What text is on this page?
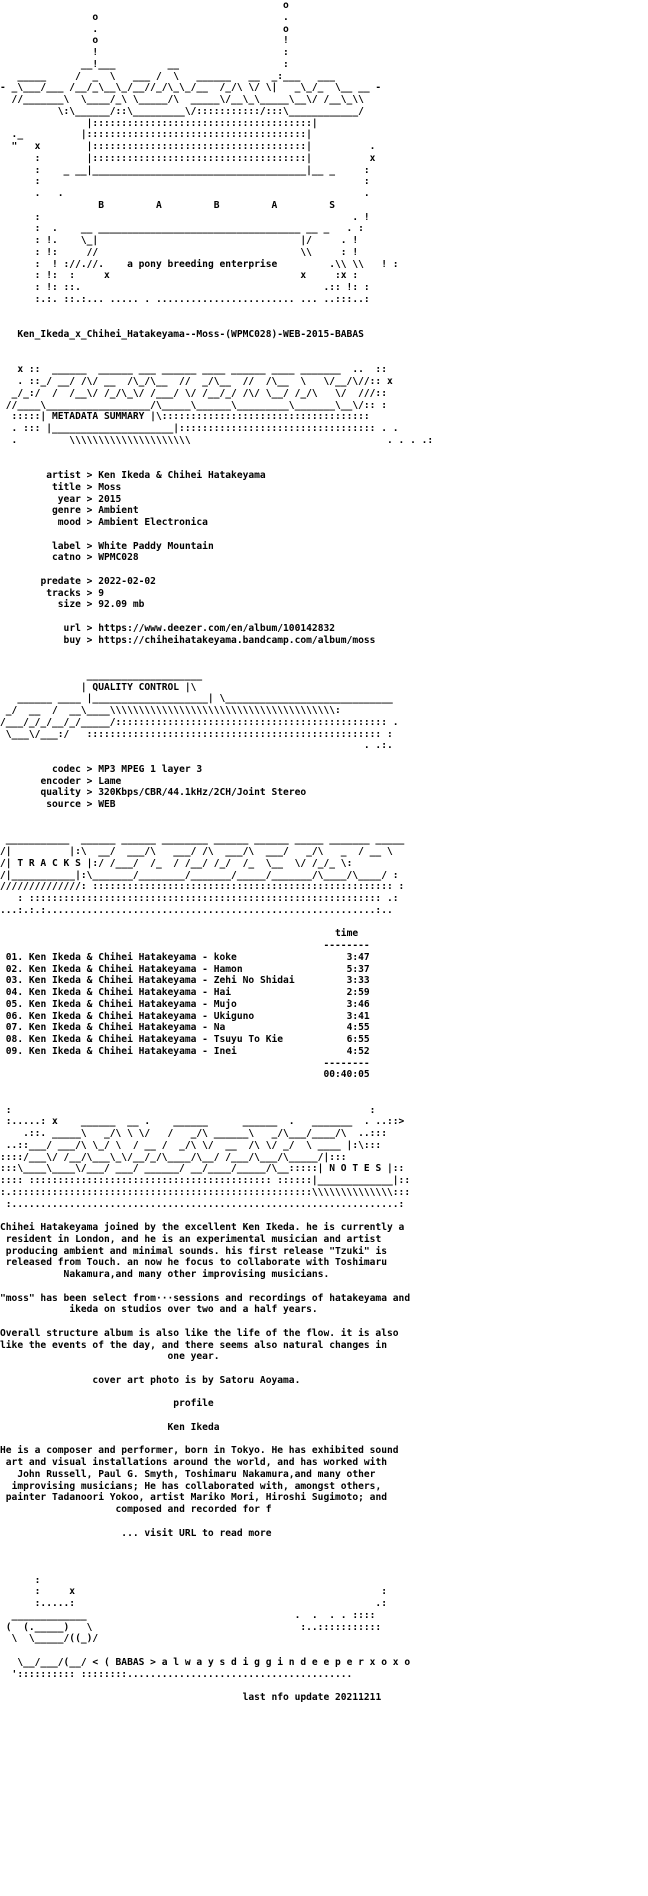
o
o                                .
.                                o
o                                !
!                                :
__!___         __                  :
_____     /  _  \   ___ /  \   ______   __  _:___   ___
- _\___/___ /__/_\__\_/__//_/\_\_/__  /_/\ \/ \|   _\_/_  \__ __ -
//_______\  \____/_\ \_____/\  _____\/__\_\_____\__\/ /__\_\\
\:\______/::\_________\/:::::::::::/:::\____________/
|::::::::::::::::::::::::::::::::::::::|
._          |::::::::::::::::::::::::::::::::::::::|
"   x        |:::::::::::::::::::::::::::::::::::::|          .
:        |:::::::::::::::::::::::::::::::::::::|          x
:    _ __|_____________________________________|__ _     :
:                                                        :
.   .                                                    .
B         A         B         A         S
:                                                      . !
:  .    __ ___________________________________ __ _   . :
: !.    \_|                                   |/     . !
: !:     //                                   \\     : !
:  ! ://.//.    a pony breeding enterprise         .\\ \\   ! :
: !:  :     x                                 x     :x :
: !: ::.                                          .:: !: :
:.:. ::.:... ..... . ........................ ... ..:::..:
Ken_Ikeda_x_Chihei_Hatakeyama--Moss-(WPMC028)-WEB-2015-BABAS
x ::  ______  ______ ___ ______ ____ ______ ____ _______  ..  ::
. ::_/ __/ /\/ __  /\_/\__  //  _/\__  //  /\__  \   \/__/\//:: x
_/_:/  /  /__\/ /_/\_\/ /___/ \/ /__/_/ /\/ \__/ /_/\   \/  ///::
//____\__________________/\_____\______\_________\_______\__\/:: :
:::::| METADATA SUMMARY |\::::::::::::::::::::::::::::::::::::
. ::: |_____________________|:::::::::::::::::::::::::::::::::: . .
.         \\\\\\\\\\\\\\\\\\\\\                                  . . . .:
artist > Ken Ikeda & Chihei Hatakeyama
title > Moss
year > 2015
genre > Ambient
mood > Ambient Electronica
label > White Paddy Mountain
catno > WPMC028
predate > 2022-02-02
tracks > 9
size > 92.09 mb
url > https://www.deezer.com/en/album/100142832
buy > https://chiheihatakeyama.bandcamp.com/album/moss
____________________
| QUALITY CONTROL |\
______ ____ |____________________| \_____________________________
_/  __  /  __\____\\\\\\\\\\\\\\\\\\\\\\\\\\\\\\\\\\\\\\\:
/___/_/_/__/_/_____/::::::::::::::::::::::::::::::::::::::::::::::: .
\___\/___:/   ::::::::::::::::::::::::::::::::::::::::::::::::::: :
. .:.
codec > MP3 MPEG 1 layer 3
encoder > Lame
quality > 320Kbps/CBR/44.1kHz/2CH/Joint Stereo
source > WEB
___________  ______ ______ ________ ______ ______ _____ _______ _____
/|          |:\  __/  ___/\   ___/ /\  ___/\  ___/   _/\   _  / __ \
/| T R A C K S |:/ /___/  /_  / /__/ /_/  /_  \__  \/ /_/_ \:
/|___________|:\_______/________/_______/_____/_______/\____/\____/ :
//////////////: :::::::::::::::::::::::::::::::::::::::::::::::::::: :
: ::::::::::::::::::::::::::::::::::::::::::::::::::::::::::::: .:
...:.:.:.........................................................:..
time
--------
01. Ken Ikeda & Chihei Hatakeyama - koke	3:47
02. Ken Ikeda & Chihei Hatakeyama - Hamon	5:37
03. Ken Ikeda & Chihei Hatakeyama - Zehi No Shidai	3:33
04. Ken Ikeda & Chihei Hatakeyama - Hai	2:59
05. Ken Ikeda & Chihei Hatakeyama - Mujo	3:46
06. Ken Ikeda & Chihei Hatakeyama - Ukiguno	3:41
07. Ken Ikeda & Chihei Hatakeyama - Na	4:55
08. Ken Ikeda & Chihei Hatakeyama - Tsuyu To Kie	6:55
09. Ken Ikeda & Chihei Hatakeyama - Inei	4:52
--------
00:40:05
:                                                              :
:.....: x    ______  __ .    ______      ______  .   _______  . ..::>
.::. _____\   _/\ \ \/   /   _/\ ______\   _/\___/____/\  ..:::
..::___/ ___/\ \_/ \  / __ /  _/\ \/  __  /\ \/ _/  \ ____ |:\:::
::::/___\/ /__/\___\_\/__/_/\____/\__/ /___/\___/\_____/|:::
:::\____\____\/___/ ___/ ______/ __/____/_____/\__:::::| N O T E S |::
:::: :::::::::::::::::::::::::::::::::::::::::: ::::::|_____________|::
:.::::::::::::::::::::::::::::::::::::::::::::::::::::\\\\\\\\\\\\\\:::
:...................................................................:
Chihei Hatakeyama joined by the excellent Ken Ikeda. he is currently a
resident in London, and he is an experimental musician and artist
producing ambient and minimal sounds. his first release "Tzuki" is
released from Touch. an now he focus to collaborate with Toshimaru
Nakamura,and many other improvising musicians.

"moss" has been select from···sessions and recordings of hatakeyama and
ikeda on studios over two and a half years.

Overall structure album is also like the life of the flow. it is also
like the events of the day, and there seems also natural changes in
one year.

cover art photo is by Satoru Aoyama.

profile

Ken Ikeda

He is a composer and performer, born in Tokyo. He has exhibited sound
art and visual installations around the world, and has worked with
John Russell, Paul G. Smyth, Toshimaru Nakamura,and many other
improvising musicians; He has collaborated with, amongst others,
painter Tadanoori Yokoo, artist Mariko Mori, Hiroshi Sugimoto; and
composed and recorded for f

... visit URL to read more
:
:     x                                                     :
:.....:                                                    .:
_____________                                    .  .  . . ::::
(  (._____)   \                                    :..:::::::::::
\  \_____/((_)/
\__/___/(__/ < ( BABAS > a l w a y s d i g g i n d e e p e r x o x o
':::::::::: ::::::::.......................................
last nfo update 20211211
